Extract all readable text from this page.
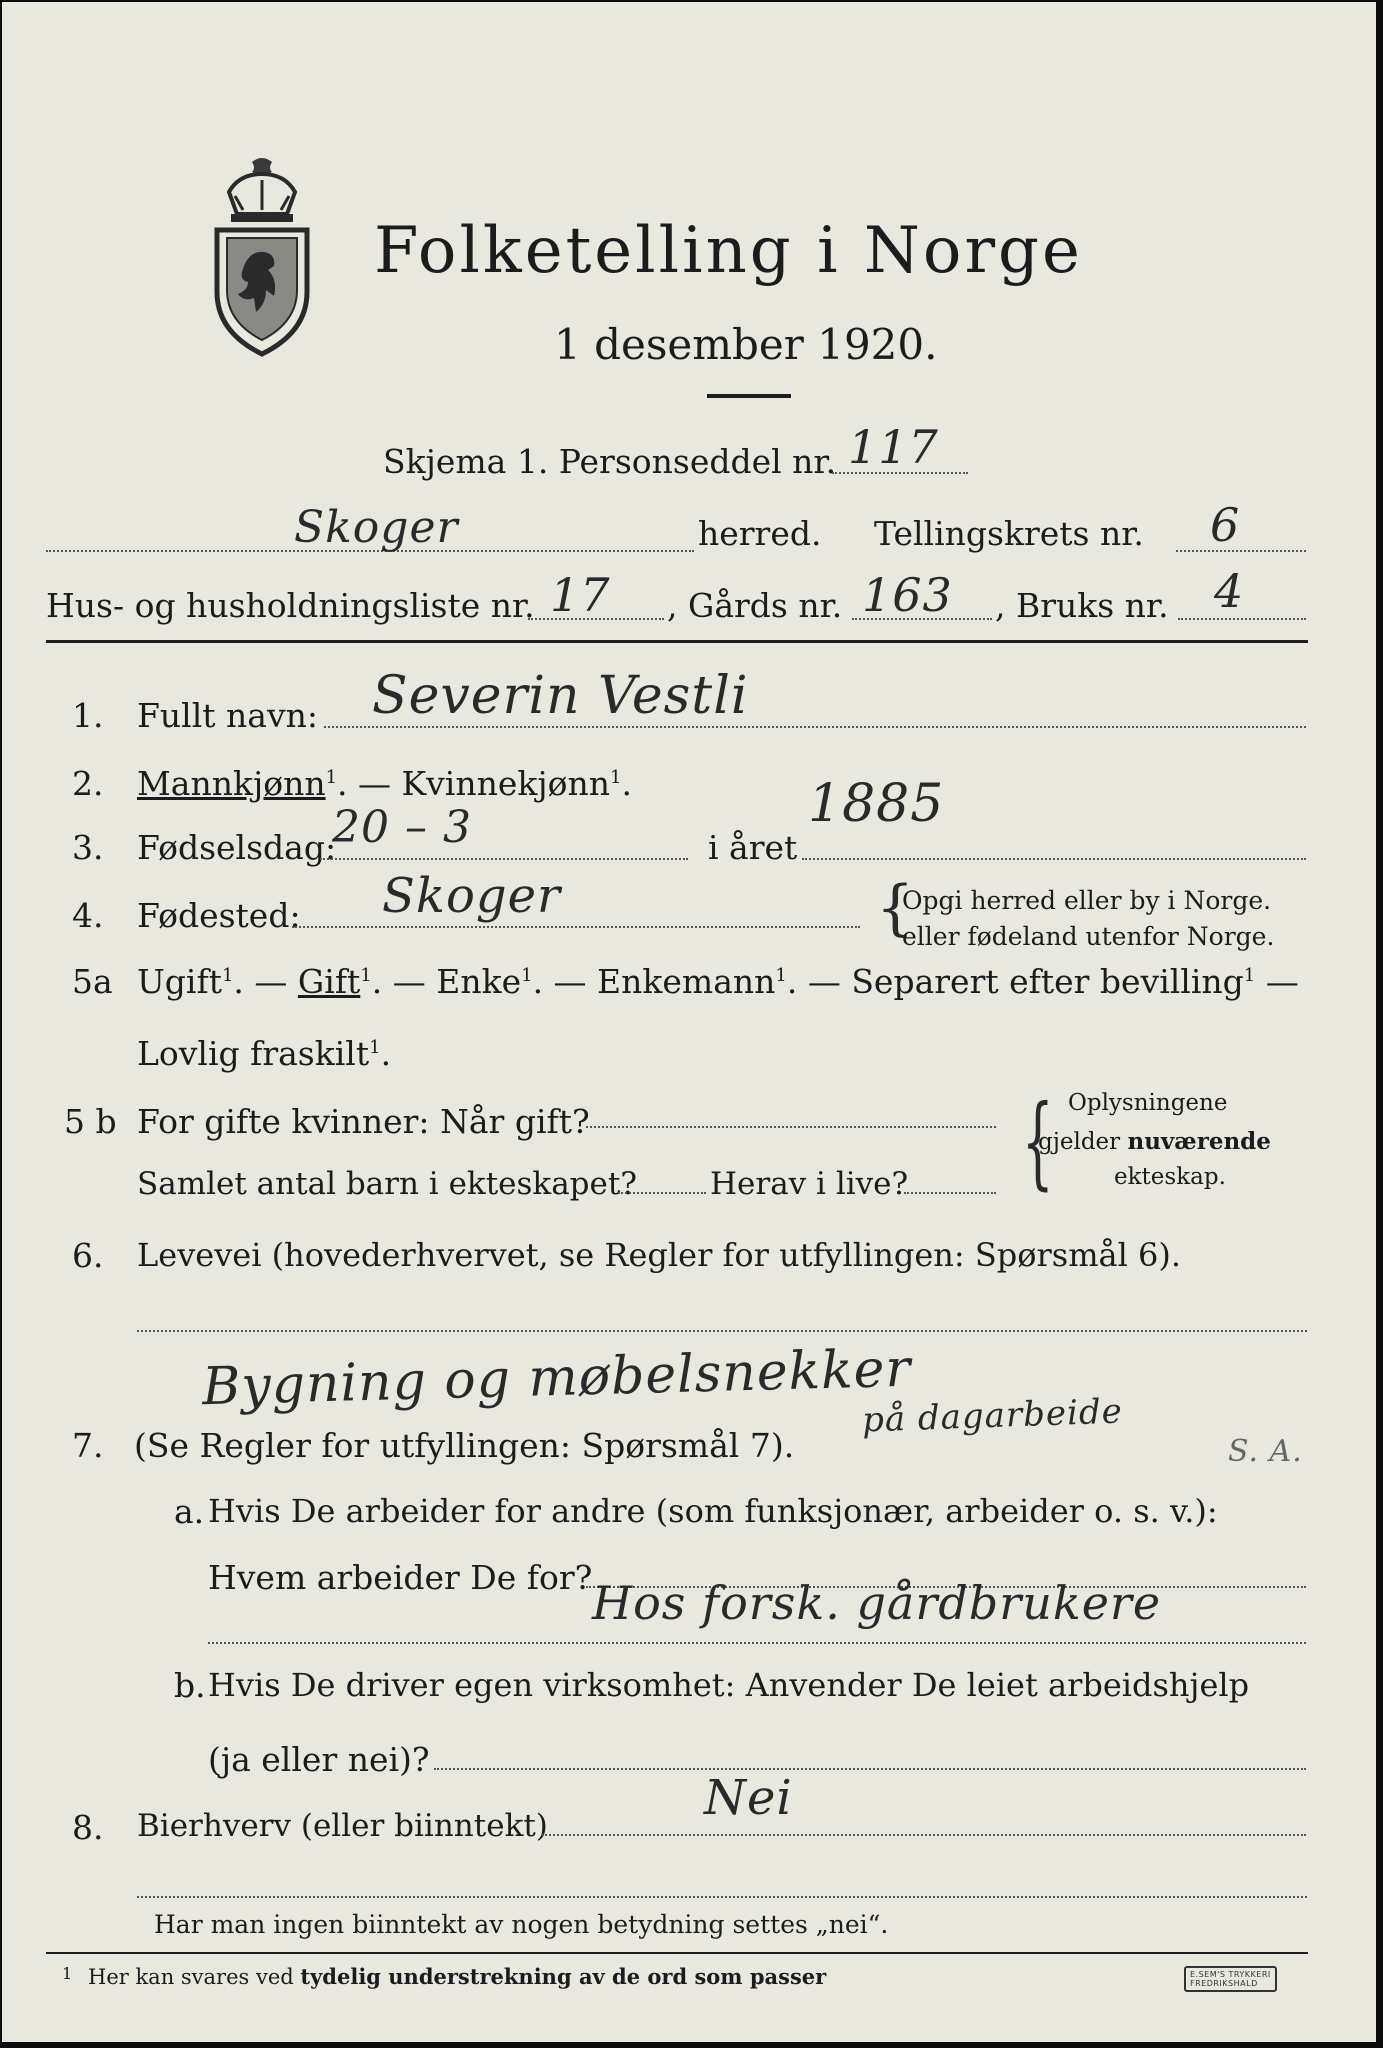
Folketelling i Norge
1 desember 1920.
Skjema 1. Personseddel nr. 117
Skoger	herred. Tellingskrets nr. 6
Hus- og husholdningsliste nr. 17 , Gårds nr. 163 , Bruks nr. 4
1. Fullt navn: Severin Vestli
2. Mannkjønn$^1$. — Kvinnekjønn$^1$.
3. Fødselsdag:
20 – 3	i året
1885
4. Fødested: Skoger	{
Opgi herred eller by i Norge.
eller fødeland utenfor Norge.
5a Ugift$^1$. — Gift$^1$. — Enke$^1$. — Enkemann$^1$. — Separert efter bevilling$^1$ —
Lovlig fraskilt$^1$.
5 b For gifte kvinner: Når gift?
Samlet antal barn i ekteskapet? Herav i live? { Oplysningene
gjelder nuværende
ekteskap.
6. Levevei (hovederhvervet, se Regler for utfyllingen: Spørsmål 6).
Bygning og møbelsnekker
på dagarbeide
S. A.
7. (Se Regler for utfyllingen: Spørsmål 7).
a. Hvis De arbeider for andre (som funksjonær, arbeider o. s. v.):
Hvem arbeider De for? Hos forsk. gårdbrukere
b. Hvis De driver egen virksomhet: Anvender De leiet arbeidshjelp
(ja eller nei)?
8. Bierhverv (eller biinntekt)	Nei
Har man ingen biinntekt av nogen betydning settes „nei“.
1 Her kan svares ved tydelig understrekning av de ord som passer	E.SEM'S TRYKKERI
FREDRIKSHALD
